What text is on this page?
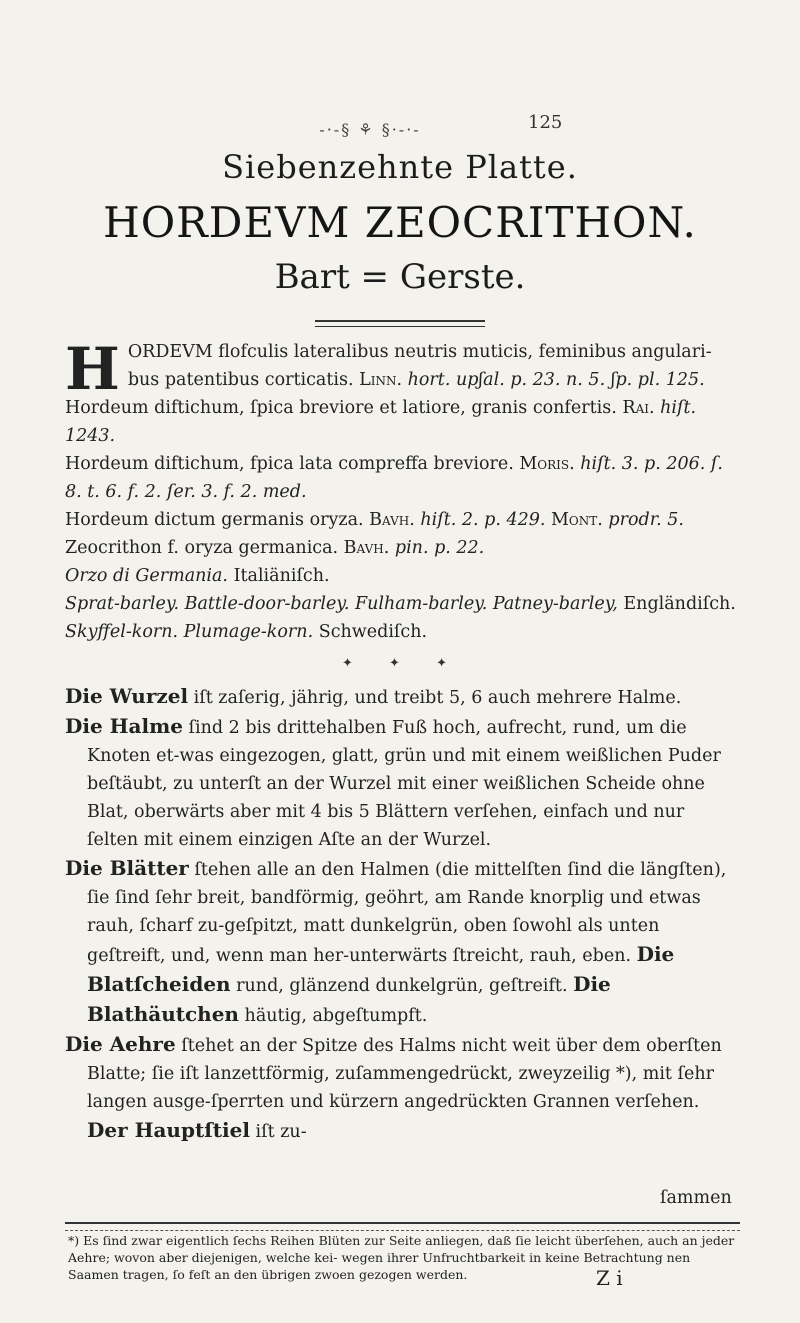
-·-§ ⚘ §·-·-	125
Siebenzehnte Platte.
HORDEVM ZEOCRITHON.
Bart = Gerste.
H ORDEVM flofculis lateralibus neutris muticis, feminibus angulari-bus patentibus corticatis. Linn. hort. upʃal. p. 23. n. 5. ʃp. pl. 125.

Hordeum diftichum, ſpica breviore et latiore, granis confertis. Rai. hiſt. 1243.

Hordeum diftichum, fpica lata compreffa breviore. Moris. hiſt. 3. p. 206. ſ. 8. t. 6. f. 2. ſer. 3. f. 2. med.

Hordeum dictum germanis oryza. Bavh. hiſt. 2. p. 429. Mont. prodr. 5.

Zeocrithon f. oryza germanica. Bavh. pin. p. 22.

Orzo di Germania. Italiäniſch.

Sprat-barley. Battle-door-barley. Fulham-barley. Patney-barley, Engländiſch.

Skyffel-korn. Plumage-korn. Schwediſch.

✦ ✦ ✦

Die Wurzel iſt zaſerig, jährig, und treibt 5, 6 auch mehrere Halme.

Die Halme ſind 2 bis drittehalben Fuß hoch, aufrecht, rund, um die Knoten et-was eingezogen, glatt, grün und mit einem weißlichen Puder beſtäubt, zu unterſt an der Wurzel mit einer weißlichen Scheide ohne Blat, oberwärts aber mit 4 bis 5 Blättern verſehen, einfach und nur ſelten mit einem einzigen Aſte an der Wurzel.

Die Blätter ſtehen alle an den Halmen (die mittelſten ſind die längſten), ſie ſind ſehr breit, bandförmig, geöhrt, am Rande knorplig und etwas rauh, ſcharf zu-geſpitzt, matt dunkelgrün, oben ſowohl als unten geſtreift, und, wenn man her-unterwärts ſtreicht, rauh, eben. Die Blatſcheiden rund, glänzend dunkelgrün, geſtreift. Die Blathäutchen häutig, abgeſtumpft.

Die Aehre ſtehet an der Spitze des Halms nicht weit über dem oberſten Blatte; ſie iſt lanzettförmig, zuſammengedrückt, zweyzeilig *), mit ſehr langen ausge-ſperrten und kürzern angedrückten Grannen verſehen. Der Hauptſtiel iſt zu-

ſammen
*) Es ſind zwar eigentlich ſechs Reihen Blüten zur Seite anliegen, daß ſie leicht überſehen, auch an jeder Aehre; wovon aber diejenigen, welche kei- wegen ihrer Unfruchtbarkeit in keine Betrachtung nen Saamen tragen, ſo feſt an den übrigen zwoen gezogen werden.	Z i
